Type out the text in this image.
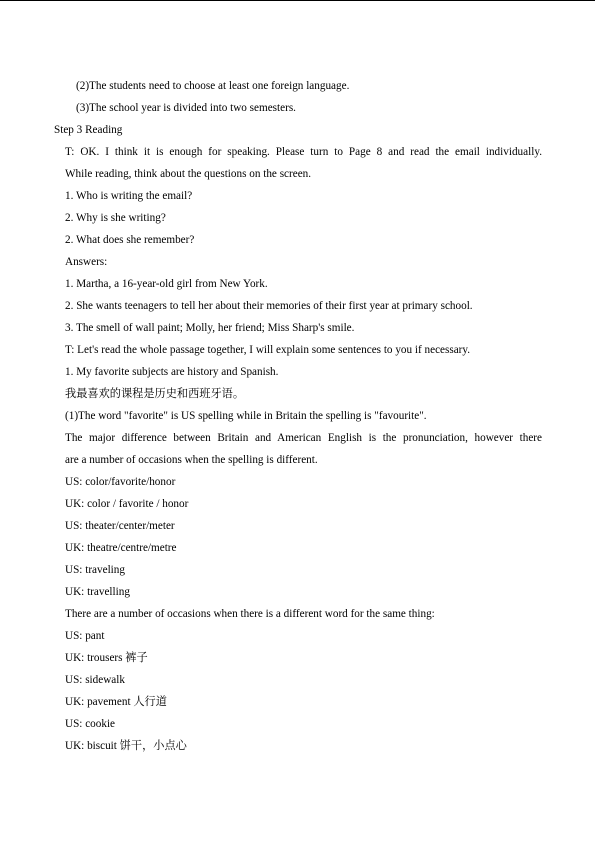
(2)The students need to choose at least one foreign language.
(3)The school year is divided into two semesters.
Step 3 Reading
T: OK. I think it is enough for speaking. Please turn to Page 8 and read the email individually.
While reading, think about the questions on the screen.
1. Who is writing the email?
2. Why is she writing?
2. What does she remember?
Answers:
1. Martha, a 16-year-old girl from New York.
2. She wants teenagers to tell her about their memories of their first year at primary school.
3. The smell of wall paint; Molly, her friend; Miss Sharp's smile.
T: Let's read the whole passage together, I will explain some sentences to you if necessary.
1. My favorite subjects are history and Spanish.
我最喜欢的课程是历史和西班牙语。
(1)The word "favorite" is US spelling while in Britain the spelling is "favourite".
The major difference between Britain and American English is the pronunciation, however there
are a number of occasions when the spelling is different.
US: color/favorite/honor
UK: color / favorite / honor
US: theater/center/meter
UK: theatre/centre/metre
US: traveling
UK: travelling
There are a number of occasions when there is a different word for the same thing:
US: pant
UK: trousers 裤子
US: sidewalk
UK: pavement 人行道
US: cookie
UK: biscuit 饼干，小点心
